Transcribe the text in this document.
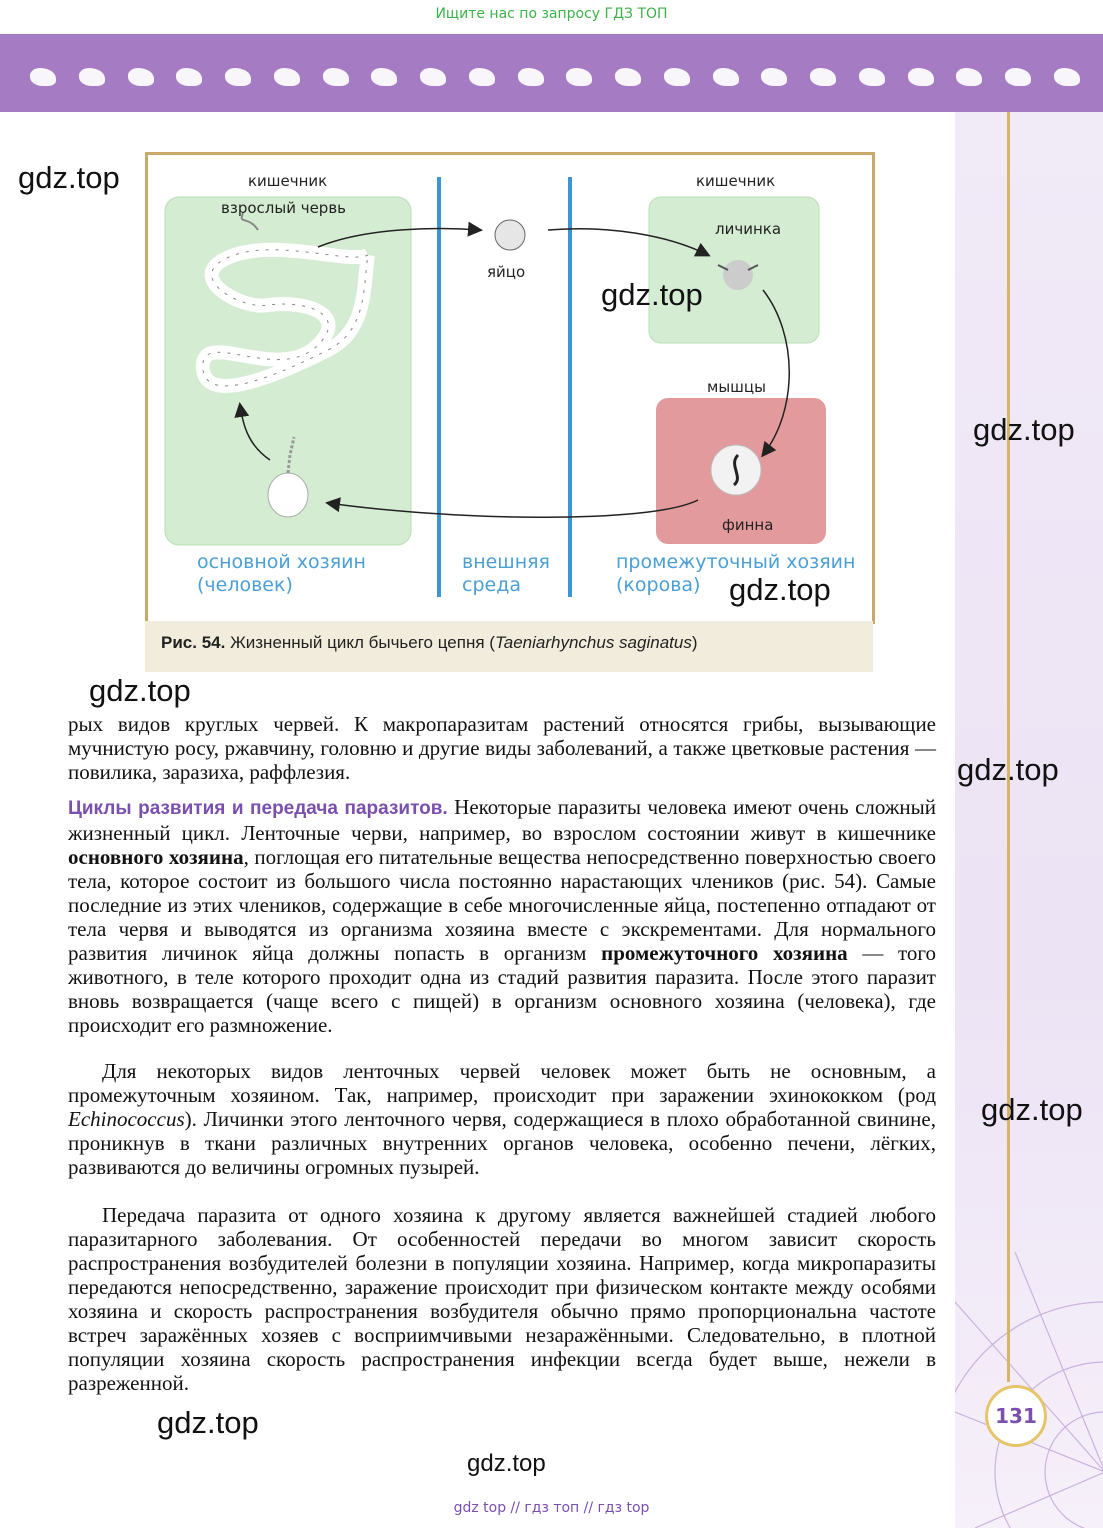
Ищите нас по запросу ГДЗ ТОП
кишечник
взрослый червь
яйцо
кишечник
личинка
мышцы
финна
основной хозяин
(человек)
внешняя
среда
промежуточный хозяин
(корова)
Рис. 54. Жизненный цикл бычьего цепня (Taeniarhynchus saginatus)
gdz.top
gdz.top
gdz.top
gdz.top
gdz.top
gdz.top
gdz.top
gdz.top
gdz.top

рых видов круглых червей. К макропаразитам растений относятся грибы, вызывающие мучнистую росу, ржавчину, головню и другие виды заболеваний, а также цветковые растения — повилика, заразиха, раффлезия.

Циклы развития и передача паразитов. Некоторые паразиты человека имеют очень сложный жизненный цикл. Ленточные черви, например, во взрослом состоянии живут в кишечнике основного хозяина, поглощая его питательные вещества непосредственно поверхностью своего тела, которое состоит из большого числа постоянно нарастающих члеников (рис. 54). Самые последние из этих члеников, содержащие в себе многочисленные яйца, постепенно отпадают от тела червя и выводятся из организма хозяина вместе с экскрементами. Для нормального развития личинок яйца должны попасть в организм промежуточного хозяина — того животного, в теле которого проходит одна из стадий развития паразита. После этого паразит вновь возвращается (чаще всего с пищей) в организм основного хозяина (человека), где происходит его размножение.

Для некоторых видов ленточных червей человек может быть не основным, а промежуточным хозяином. Так, например, происходит при заражении эхинококком (род Echinococcus). Личинки этого ленточного червя, содержащиеся в плохо обработанной свинине, проникнув в ткани различных внутренних органов человека, особенно печени, лёгких, развиваются до величины огромных пузырей.

Передача паразита от одного хозяина к другому является важнейшей стадией любого паразитарного заболевания. От особенностей передачи во многом зависит скорость распространения возбудителей болезни в популяции хозяина. Например, когда микропаразиты передаются непосредственно, заражение происходит при физическом контакте между особями хозяина и скорость распространения возбудителя обычно прямо пропорциональна частоте встреч заражённых хозяев с восприимчивыми незаражёнными. Следовательно, в плотной популяции хозяина скорость распространения инфекции всегда будет выше, нежели в разреженной.

131
gdz top // гдз топ // гдз top
